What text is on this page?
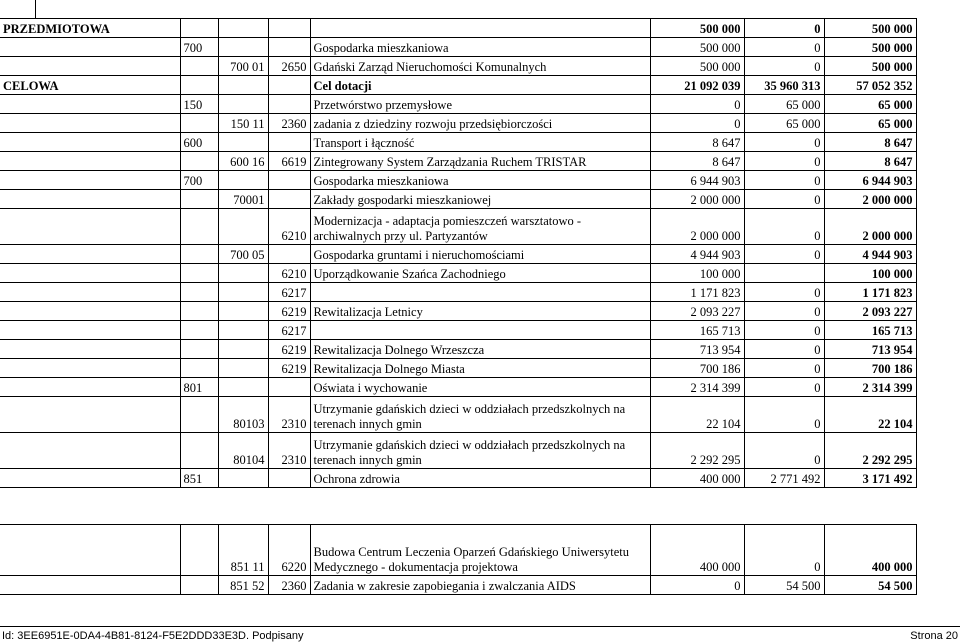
PRZEDMIOTOWA					500 000	0	500 000
	700			Gospodarka mieszkaniowa	500 000	0	500 000
		700 01	2650	Gdański Zarząd Nieruchomości Komunalnych	500 000	0	500 000
CELOWA				Cel dotacji	21 092 039	35 960 313	57 052 352
	150			Przetwórstwo przemysłowe	0	65 000	65 000
		150 11	2360	zadania z dziedziny rozwoju przedsiębiorczości	0	65 000	65 000
	600			Transport i łączność	8 647	0	8 647
		600 16	6619	Zintegrowany System Zarządzania Ruchem TRISTAR	8 647	0	8 647
	700			Gospodarka mieszkaniowa	6 944 903	0	6 944 903
		70001		Zakłady gospodarki mieszkaniowej	2 000 000	0	2 000 000
			6210	Modernizacja - adaptacja pomieszczeń warsztatowo - archiwalnych przy ul. Partyzantów	2 000 000	0	2 000 000
		700 05		Gospodarka gruntami i nieruchomościami	4 944 903	0	4 944 903
			6210	Uporządkowanie Szańca Zachodniego	100 000		100 000
			6217		1 171 823	0	1 171 823
			6219	Rewitalizacja Letnicy	2 093 227	0	2 093 227
			6217		165 713	0	165 713
			6219	Rewitalizacja Dolnego Wrzeszcza	713 954	0	713 954
			6219	Rewitalizacja Dolnego Miasta	700 186	0	700 186
	801			Oświata i wychowanie	2 314 399	0	2 314 399
		80103	2310	Utrzymanie gdańskich dzieci w oddziałach przedszkolnych na terenach innych gmin	22 104	0	22 104
		80104	2310	Utrzymanie gdańskich dzieci w oddziałach przedszkolnych na terenach innych gmin	2 292 295	0	2 292 295
	851			Ochrona zdrowia	400 000	2 771 492	3 171 492

		851 11	6220	Budowa Centrum Leczenia Oparzeń Gdańskiego Uniwersytetu Medycznego - dokumentacja projektowa	400 000	0	400 000
		851 52	2360	Zadania w zakresie zapobiegania i zwalczania AIDS	0	54 500	54 500
Id: 3EE6951E-0DA4-4B81-8124-F5E2DDD33E3D. Podpisany	Strona 20
